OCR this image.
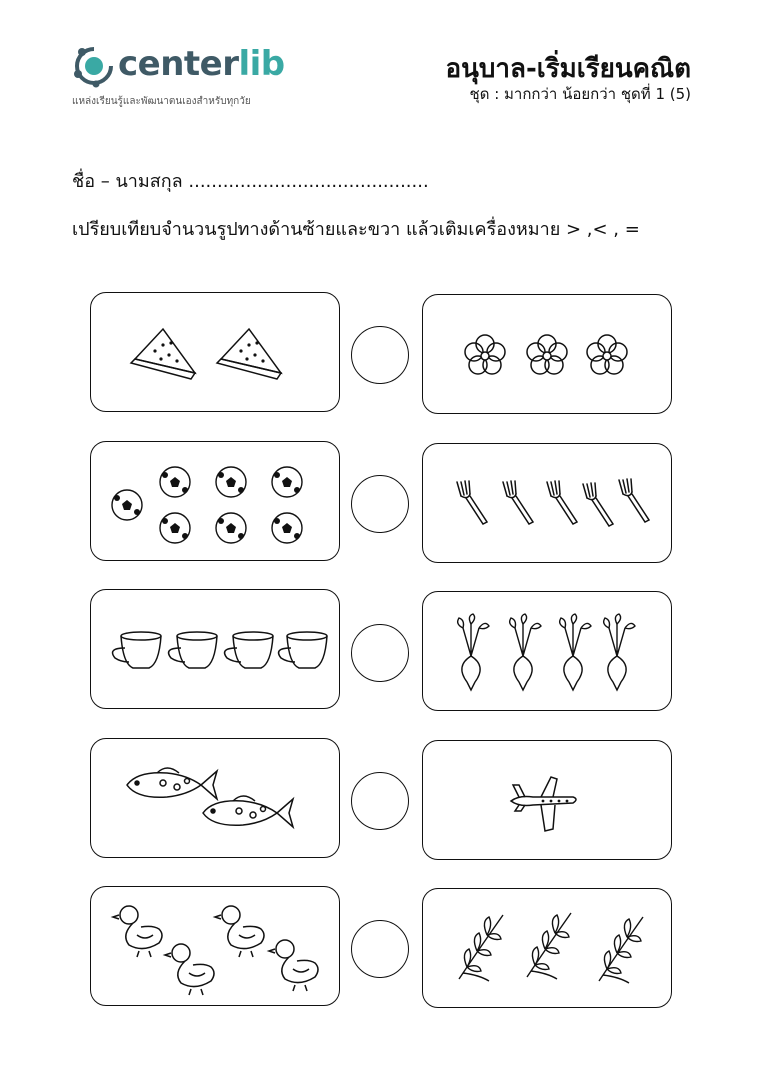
centerlib
แหล่งเรียนรู้และพัฒนาตนเองสำหรับทุกวัย
อนุบาล-เริ่มเรียนคณิต
ชุด : มากกว่า น้อยกว่า ชุดที่ 1 (5)
ชื่อ – นามสกุล ..........................................
เปรียบเทียบจำนวนรูปทางด้านซ้ายและขวา แล้วเติมเครื่องหมาย > ,< , =
